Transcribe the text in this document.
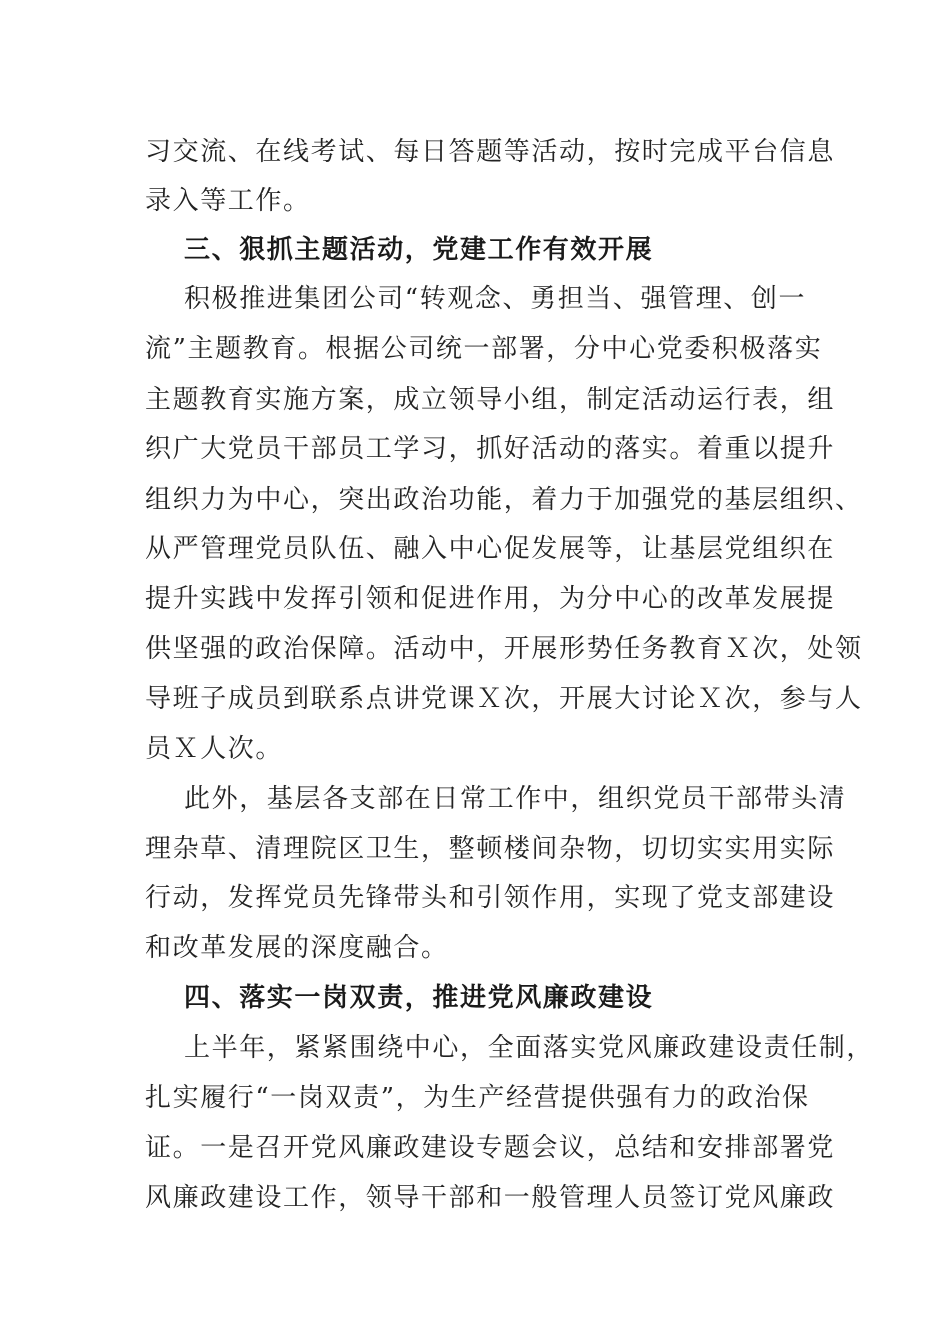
习交流、在线考试、每日答题等活动，按时完成平台信息

录入等工作。

三、狠抓主题活动，党建工作有效开展

积极推进集团公司“转观念、勇担当、强管理、创一

流”主题教育。根据公司统一部署，分中心党委积极落实

主题教育实施方案，成立领导小组，制定活动运行表，组

织广大党员干部员工学习，抓好活动的落实。着重以提升

组织力为中心，突出政治功能，着力于加强党的基层组织、

从严管理党员队伍、融入中心促发展等，让基层党组织在

提升实践中发挥引领和促进作用，为分中心的改革发展提

供坚强的政治保障。活动中，开展形势任务教育Ｘ次，处领

导班子成员到联系点讲党课Ｘ次，开展大讨论Ｘ次，参与人

员Ｘ人次。

此外，基层各支部在日常工作中，组织党员干部带头清

理杂草、清理院区卫生，整顿楼间杂物，切切实实用实际

行动，发挥党员先锋带头和引领作用，实现了党支部建设

和改革发展的深度融合。

四、落实一岗双责，推进党风廉政建设

上半年，紧紧围绕中心，全面落实党风廉政建设责任制，

扎实履行“一岗双责”，为生产经营提供强有力的政治保

证。一是召开党风廉政建设专题会议，总结和安排部署党

风廉政建设工作，领导干部和一般管理人员签订党风廉政
